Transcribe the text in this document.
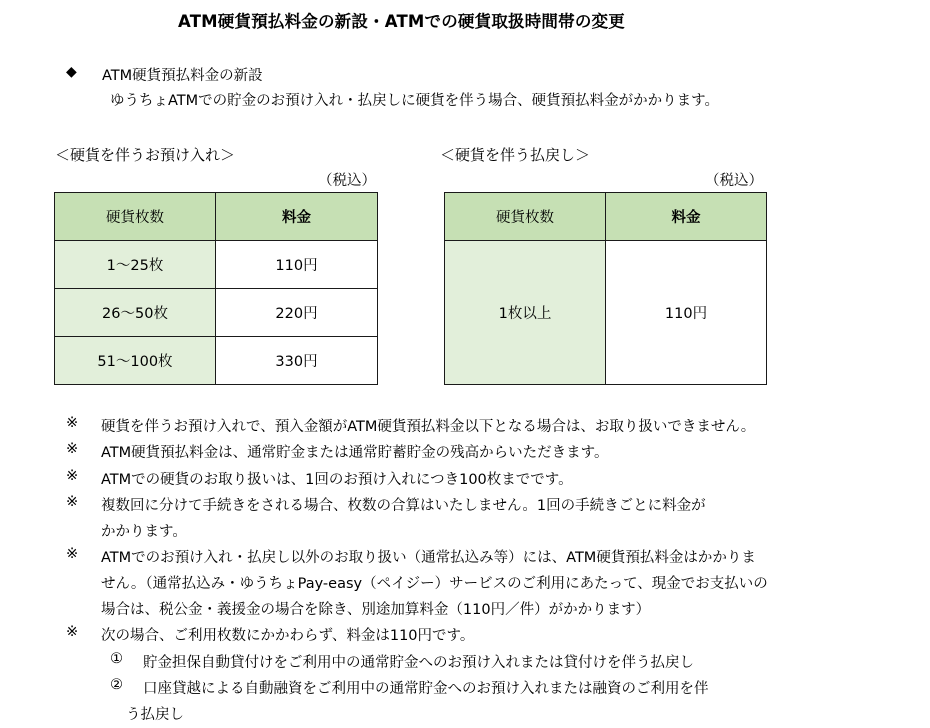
ATM硬貨預払料金の新設・ATMでの硬貨取扱時間帯の変更
◆ ATM硬貨預払料金の新設
ゆうちょATMでの貯金のお預け入れ・払戻しに硬貨を伴う場合、硬貨預払料金がかかります。
＜硬貨を伴うお預け入れ＞
（税込）
硬貨枚数	料金
1～25枚	110円
26～50枚	220円
51～100枚	330円
＜硬貨を伴う払戻し＞
（税込）
硬貨枚数	料金
1枚以上	110円
※ 硬貨を伴うお預け入れで、預入金額がATM硬貨預払料金以下となる場合は、お取り扱いできません。
※ ATM硬貨預払料金は、通常貯金または通常貯蓄貯金の残高からいただきます。
※ ATMでの硬貨のお取り扱いは、1回のお預け入れにつき100枚までです。
※ 複数回に分けて手続きをされる場合、枚数の合算はいたしません。1回の手続きごとに料金が
かかります。
※ ATMでのお預け入れ・払戻し以外のお取り扱い（通常払込み等）には、ATM硬貨預払料金はかかりま
せん。（通常払込み・ゆうちょPay-easy（ペイジー）サービスのご利用にあたって、現金でお支払いの
場合は、税公金・義援金の場合を除き、別途加算料金（110円／件）がかかります）
※ 次の場合、ご利用枚数にかかわらず、料金は110円です。
① 貯金担保自動貸付けをご利用中の通常貯金へのお預け入れまたは貸付けを伴う払戻し
② 口座貸越による自動融資をご利用中の通常貯金へのお預け入れまたは融資のご利用を伴
う払戻し
